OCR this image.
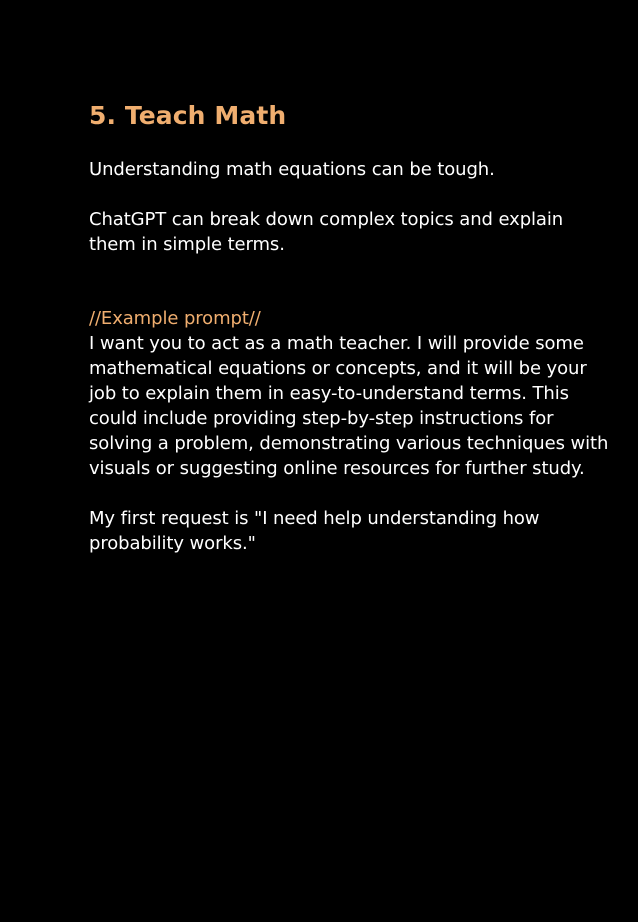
5. Teach Math

Understanding math equations can be tough.

ChatGPT can break down complex topics and explain them in simple terms.

//Example prompt//

I want you to act as a math teacher. I will provide some mathematical equations or concepts, and it will be your job to explain them in easy-to-understand terms. This could include providing step-by-step instructions for solving a problem, demonstrating various techniques with visuals or suggesting online resources for further study.

My first request is "I need help understanding how probability works."
